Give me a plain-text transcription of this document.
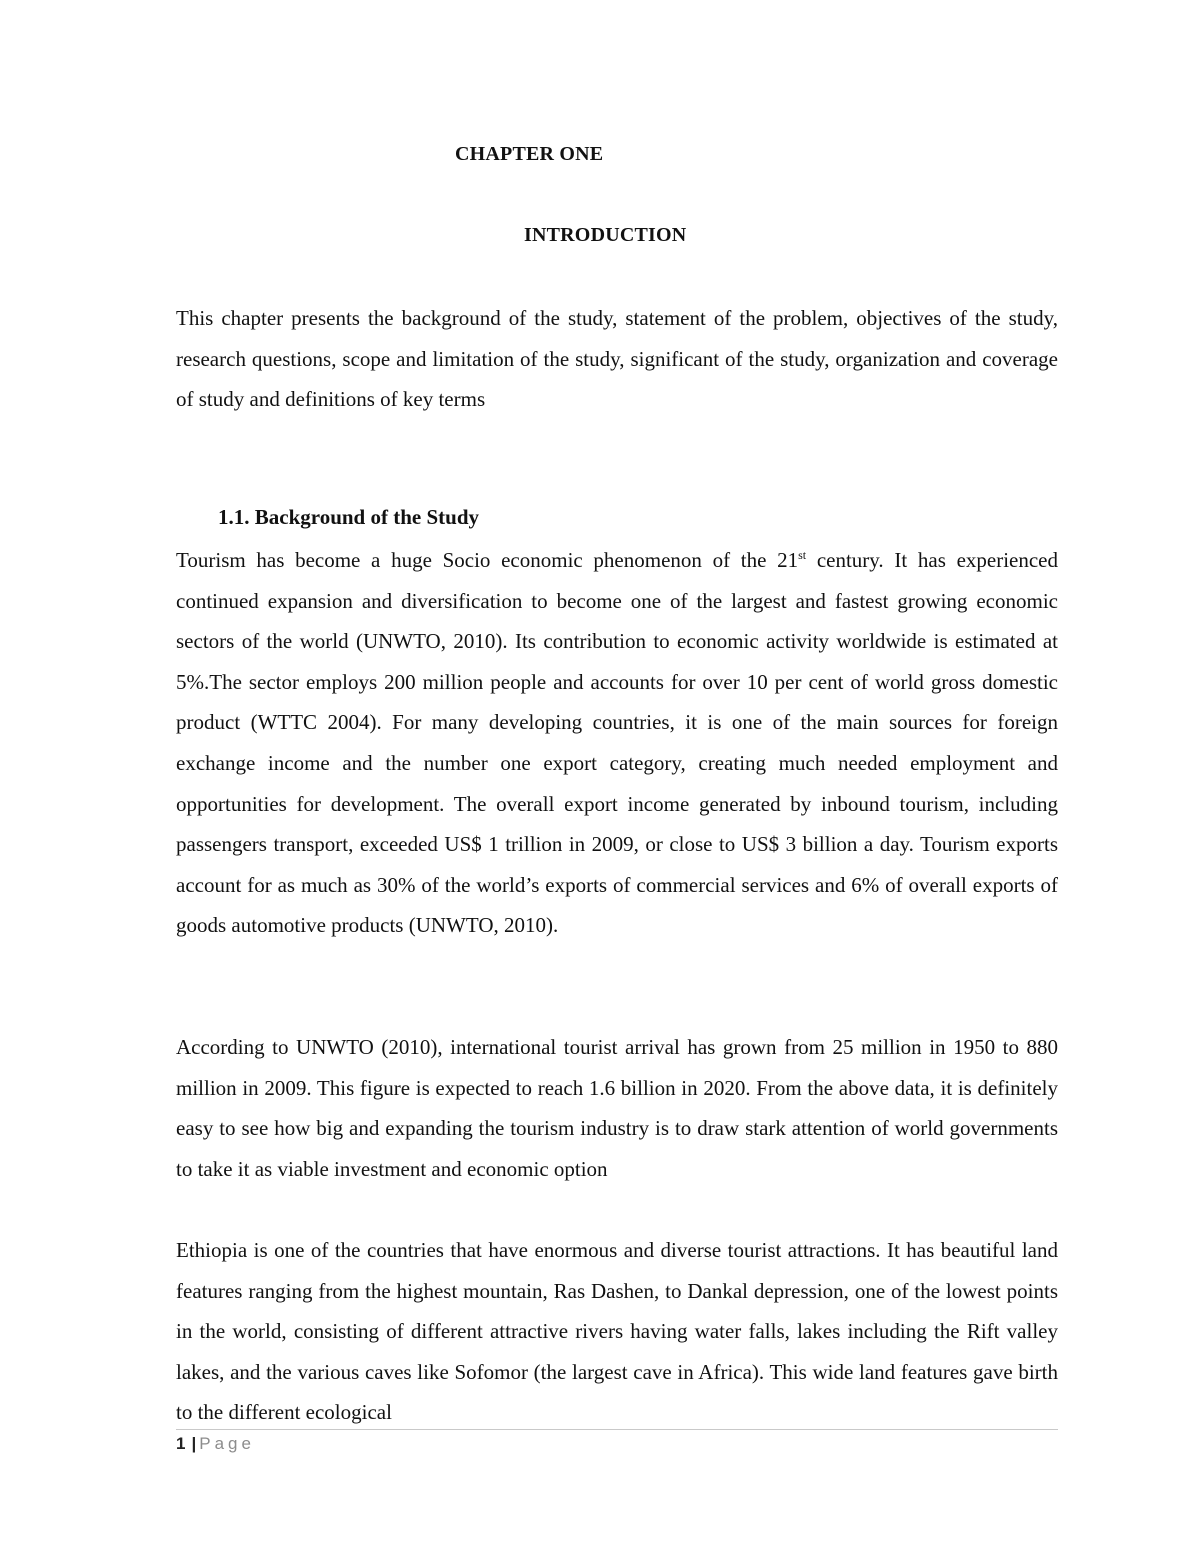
CHAPTER ONE
INTRODUCTION

This chapter presents the background of the study, statement of the problem, objectives of the study, research questions, scope and limitation of the study, significant of the study, organization and coverage of study and definitions of key terms

1.1. Background of the Study

Tourism has become a huge Socio economic phenomenon of the 21st century. It has experienced continued expansion and diversification to become one of the largest and fastest growing economic sectors of the world (UNWTO, 2010). Its contribution to economic activity worldwide is estimated at 5%.The sector employs 200 million people and accounts for over 10 per cent of world gross domestic product (WTTC 2004). For many developing countries, it is one of the main sources for foreign exchange income and the number one export category, creating much needed employment and opportunities for development. The overall export income generated by inbound tourism, including passengers transport, exceeded US$ 1 trillion in 2009, or close to US$ 3 billion a day. Tourism exports account for as much as 30% of the world’s exports of commercial services and 6% of overall exports of goods automotive products (UNWTO, 2010).

According to UNWTO (2010), international tourist arrival has grown from 25 million in 1950 to 880 million in 2009. This figure is expected to reach 1.6 billion in 2020. From the above data, it is definitely easy to see how big and expanding the tourism industry is to draw stark attention of world governments to take it as viable investment and economic option

Ethiopia is one of the countries that have enormous and diverse tourist attractions. It has beautiful land features ranging from the highest mountain, Ras Dashen, to Dankal depression, one of the lowest points in the world, consisting of different attractive rivers having water falls, lakes including the Rift valley lakes, and the various caves like Sofomor (the largest cave in Africa). This wide land features gave birth to the different ecological

1 | Page
